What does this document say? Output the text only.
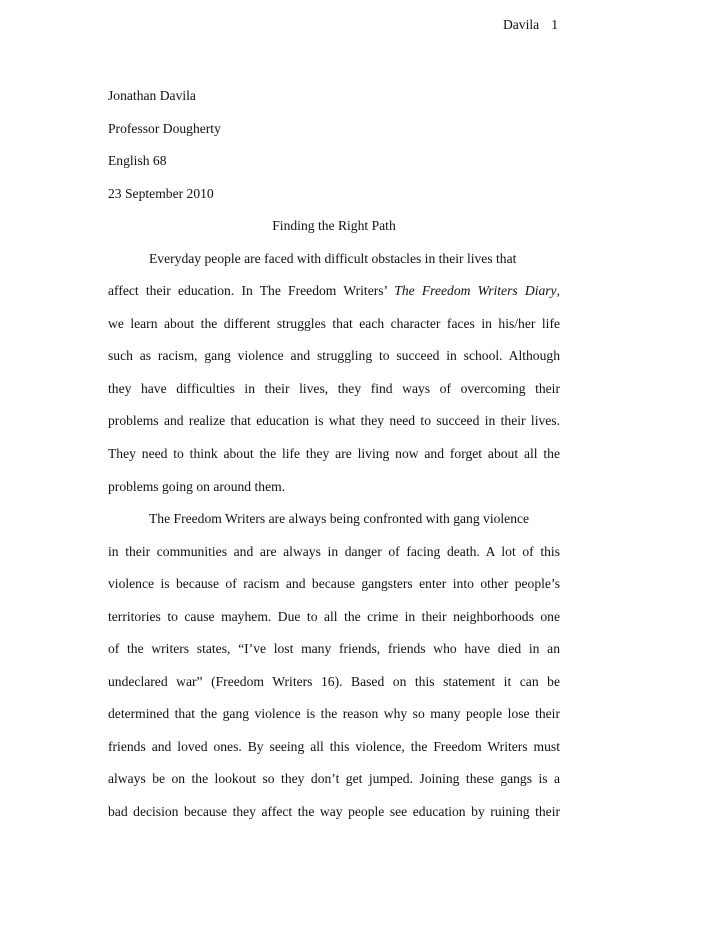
Davila 1
Jonathan Davila
Professor Dougherty
English 68
23 September 2010
Finding the Right Path
Everyday people are faced with difficult obstacles in their lives that
affect their education. In The Freedom Writers’ The Freedom Writers Diary,
we learn about the different struggles that each character faces in his/her life
such as racism, gang violence and struggling to succeed in school. Although
they have difficulties in their lives, they find ways of overcoming their
problems and realize that education is what they need to succeed in their lives.
They need to think about the life they are living now and forget about all the
problems going on around them.
The Freedom Writers are always being confronted with gang violence
in their communities and are always in danger of facing death. A lot of this
violence is because of racism and because gangsters enter into other people’s
territories to cause mayhem. Due to all the crime in their neighborhoods one
of the writers states, “I’ve lost many friends, friends who have died in an
undeclared war” (Freedom Writers 16). Based on this statement it can be
determined that the gang violence is the reason why so many people lose their
friends and loved ones. By seeing all this violence, the Freedom Writers must
always be on the lookout so they don’t get jumped. Joining these gangs is a
bad decision because they affect the way people see education by ruining their
